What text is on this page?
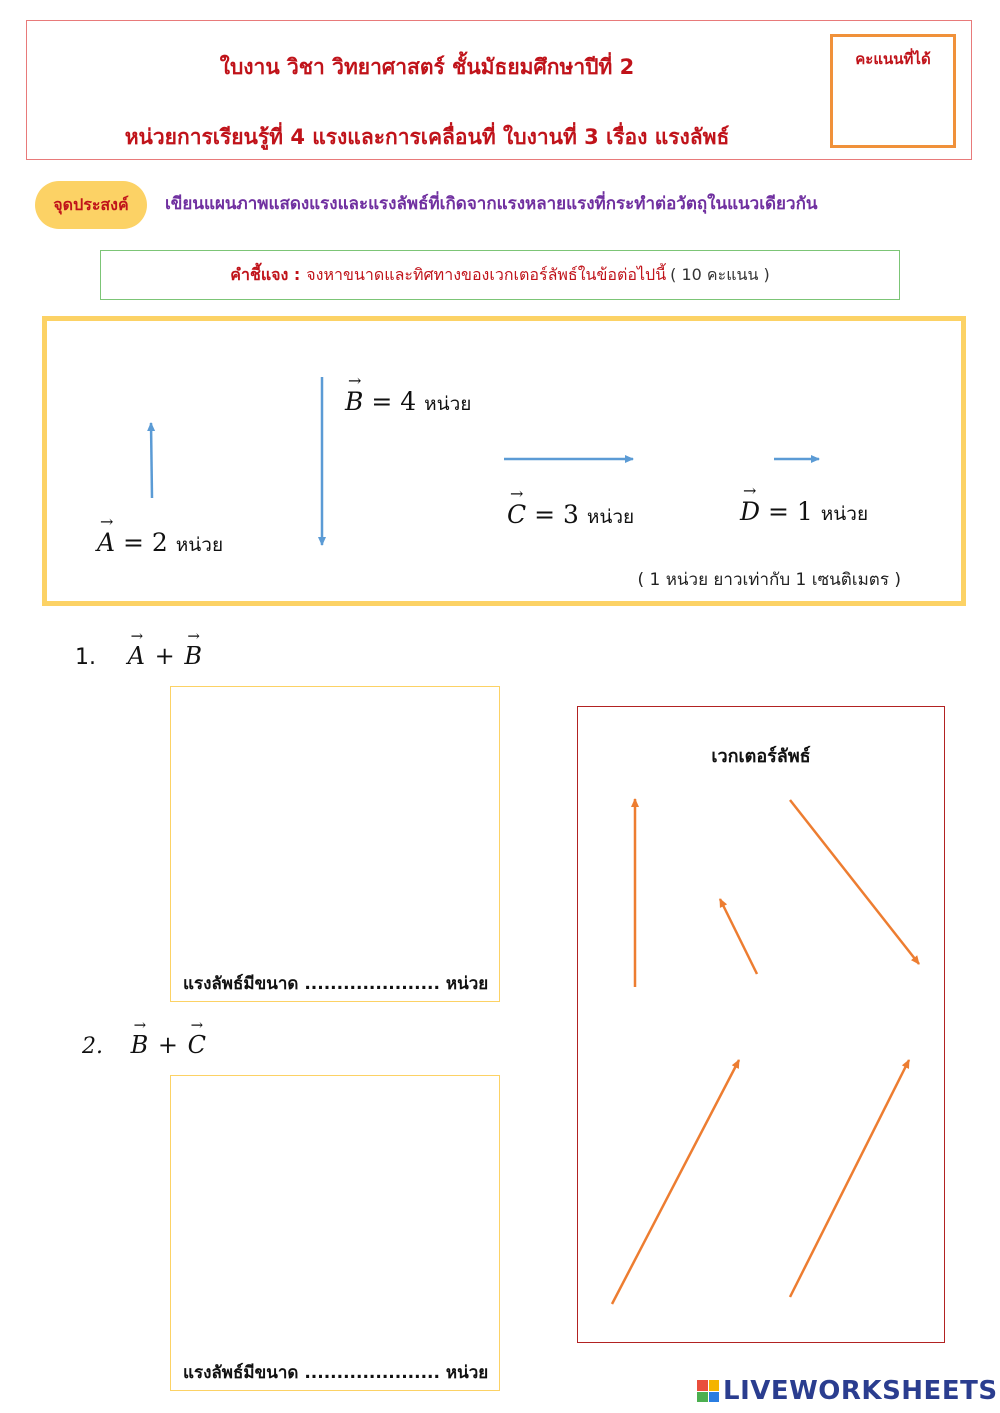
ใบงาน วิชา วิทยาศาสตร์ ชั้นมัธยมศึกษาปีที่ 2
หน่วยการเรียนรู้ที่ 4 แรงและการเคลื่อนที่ ใบงานที่ 3 เรื่อง แรงลัพธ์
คะแนนที่ได้
จุดประสงค์	เขียนแผนภาพแสดงแรงและแรงลัพธ์ที่เกิดจากแรงหลายแรงที่กระทำต่อวัตถุในแนวเดียวกัน
คำชี้แจง : จงหาขนาดและทิศทางของเวกเตอร์ลัพธ์ในข้อต่อไปนี้ ( 10 คะแนน )
→ A = 2 หน่วย
→ B = 4 หน่วย
→ C = 3 หน่วย	→ D = 1 หน่วย
( 1 หน่วย ยาวเท่ากับ 1 เซนติเมตร )
1. → A + → B
แรงลัพธ์มีขนาด ..................... หน่วย
2. → B + → C
แรงลัพธ์มีขนาด ..................... หน่วย
เวกเตอร์ลัพธ์
LIVEWORKSHEETS
